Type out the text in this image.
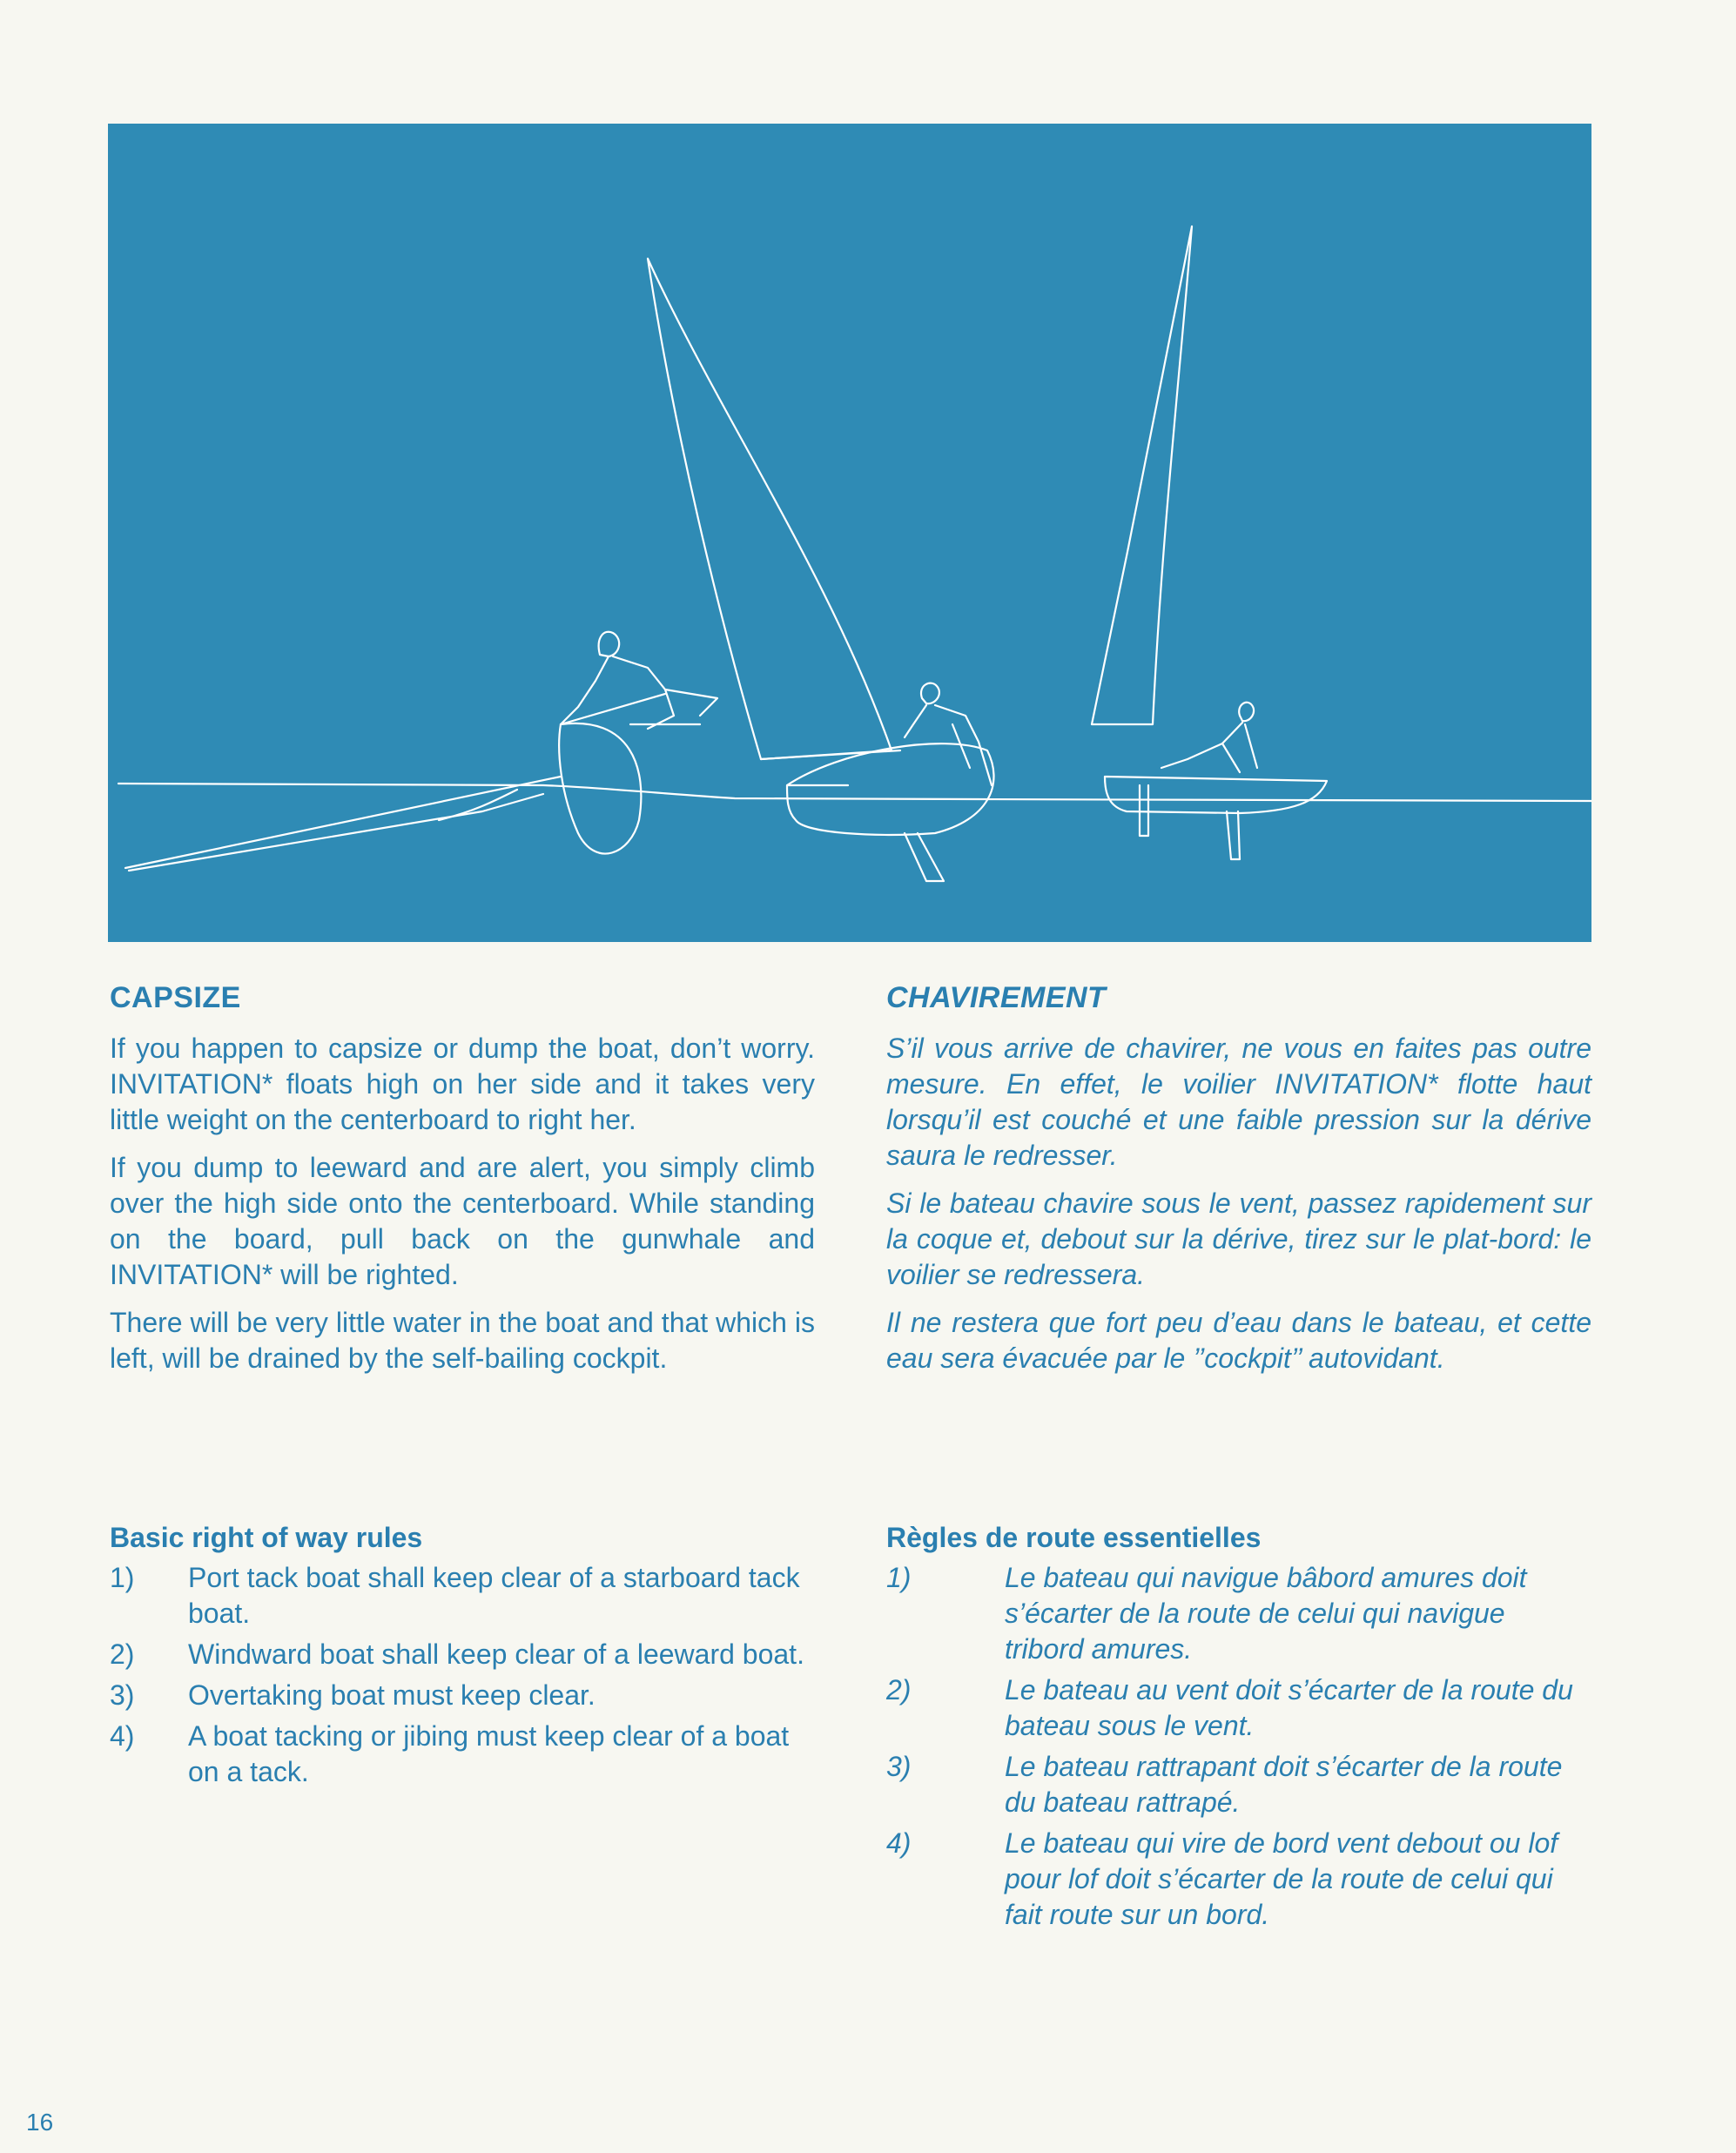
CAPSIZE

If you happen to capsize or dump the boat, don’t worry. INVITATION* floats high on her side and it takes very little weight on the centerboard to right her.

If you dump to leeward and are alert, you simply climb over the high side onto the centerboard. While standing on the board, pull back on the gunwhale and INVITATION* will be righted.

There will be very little water in the boat and that which is left, will be drained by the self-bailing cockpit.

CHAVIREMENT

S’il vous arrive de chavirer, ne vous en faites pas outre mesure. En effet, le voilier INVITATION* flotte haut lorsqu’il est couché et une faible pression sur la dérive saura le redresser.

Si le bateau chavire sous le vent, passez rapidement sur la coque et, debout sur la dérive, tirez sur le plat-bord: le voilier se redressera.

Il ne restera que fort peu d’eau dans le bateau, et cette eau sera évacuée par le ’’cockpit’’ autovidant.

Basic right of way rules
1)	Port tack boat shall keep clear of a starboard tack boat.
2)	Windward boat shall keep clear of a leeward boat.
3)	Overtaking boat must keep clear.
4)	A boat tacking or jibing must keep clear of a boat on a tack.
Règles de route essentielles
1)	Le bateau qui navigue bâbord amures doit s’écarter de la route de celui qui navigue tribord amures.
2)	Le bateau au vent doit s’écarter de la route du bateau sous le vent.
3)	Le bateau rattrapant doit s’écarter de la route du bateau rattrapé.
4)	Le bateau qui vire de bord vent debout ou lof pour lof doit s’écarter de la route de celui qui fait route sur un bord.
16
